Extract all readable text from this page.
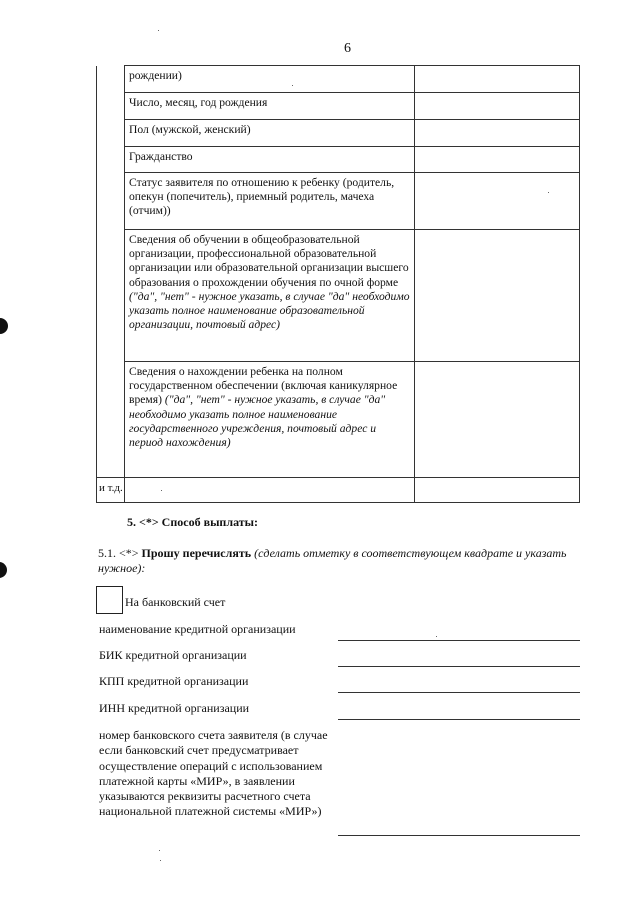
6
	рождении)	
	Число, месяц, год рождения	
	Пол (мужской, женский)	
	Гражданство	
	Статус заявителя по отношению к ребенку (родитель, опекун (попечитель), приемный родитель, мачеха (отчим))	
	Сведения об обучении в общеобразовательной организации, профессиональной образовательной организации или образовательной организации высшего образования о прохождении обучения по очной форме ("да", "нет" - нужное указать, в случае "да" необходимо указать полное наименование образовательной организации, почтовый адрес)	
	Сведения о нахождении ребенка на полном государственном обеспечении (включая каникулярное время) ("да", "нет" - нужное указать, в случае "да" необходимо указать полное наименование государственного учреждения, почтовый адрес и период нахождения)	
и т.д.		
5. <*> Способ выплаты:
5.1. <*> Прошу перечислять (сделать отметку в соответствующем квадрате и указать нужное):
На банковский счет
наименование кредитной организации
БИК кредитной организации
КПП кредитной организации
ИНН кредитной организации
номер банковского счета заявителя (в случае если банковский счет предусматривает осуществление операций с использованием платежной карты «МИР», в заявлении указываются реквизиты расчетного счета национальной платежной системы «МИР»)
